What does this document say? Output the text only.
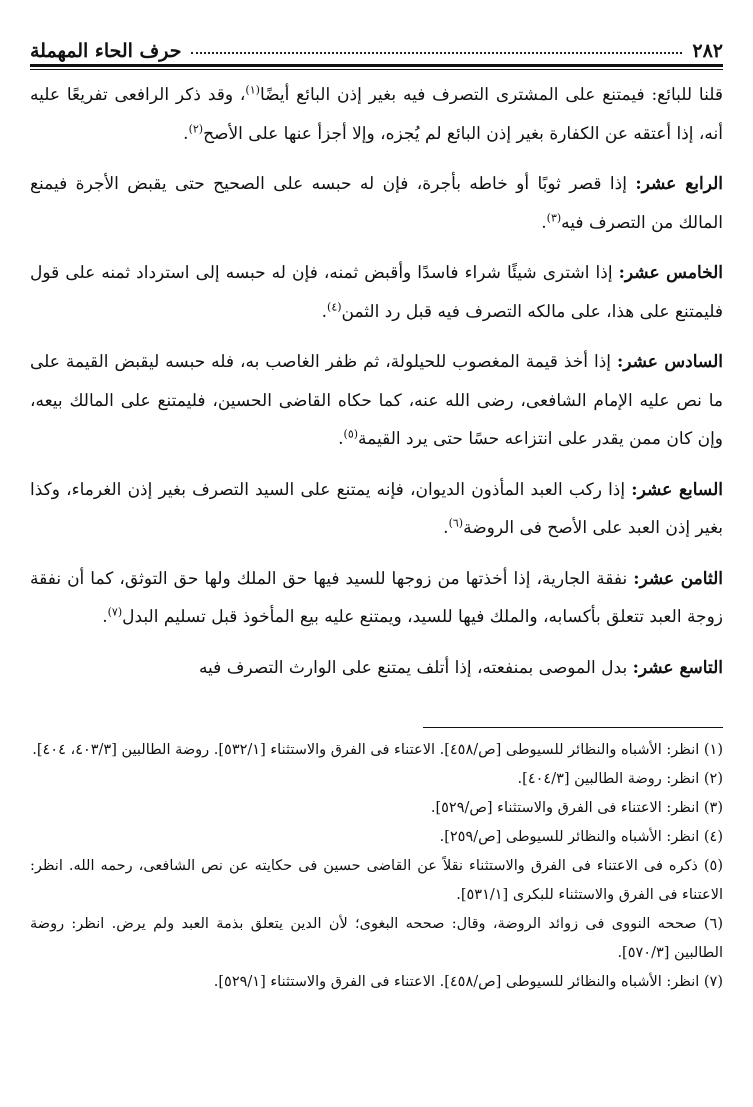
٢٨٢
حرف الحاء المهملة

قلنا للبائع: فيمتنع على المشترى التصرف فيه بغير إذن البائع أيضًا$^{(١)}$، وقد ذكر الرافعى تفريعًا عليه أنه، إذا أعتقه عن الكفارة بغير إذن البائع لم يُجزه، وإلا أجزأ عنها على الأصح$^{(٢)}$.

الرابع عشر: إذا قصر ثوبًا أو خاطه بأجرة، فإن له حبسه على الصحيح حتى يقبض الأجرة فيمنع المالك من التصرف فيه$^{(٣)}$.

الخامس عشر: إذا اشترى شيئًا شراء فاسدًا وأقبض ثمنه، فإن له حبسه إلى استرداد ثمنه على قول فليمتنع على هذا، على مالكه التصرف فيه قبل رد الثمن$^{(٤)}$.

السادس عشر: إذا أخذ قيمة المغصوب للحيلولة، ثم ظفر الغاصب به، فله حبسه ليقبض القيمة على ما نص عليه الإمام الشافعى، رضى الله عنه، كما حكاه القاضى الحسين، فليمتنع على المالك بيعه، وإن كان ممن يقدر على انتزاعه حسًا حتى يرد القيمة$^{(٥)}$.

السابع عشر: إذا ركب العبد المأذون الديوان، فإنه يمتنع على السيد التصرف بغير إذن الغرماء، وكذا بغير إذن العبد على الأصح فى الروضة$^{(٦)}$.

الثامن عشر: نفقة الجارية، إذا أخذتها من زوجها للسيد فيها حق الملك ولها حق التوثق، كما أن نفقة زوجة العبد تتعلق بأكسابه، والملك فيها للسيد، ويمتنع عليه بيع المأخوذ قبل تسليم البدل$^{(٧)}$.

التاسع عشر: بدل الموصى بمنفعته، إذا أتلف يمتنع على الوارث التصرف فيه

(١) انظر: الأشباه والنظائر للسيوطى [ص/٤٥٨]. الاعتناء فى الفرق والاستثناء [٥٣٢/١]. روضة الطالبين [٤٠٣/٣، ٤٠٤].
(٢) انظر: روضة الطالبين [٤٠٤/٣].
(٣) انظر: الاعتناء فى الفرق والاستثناء [ص/٥٢٩].
(٤) انظر: الأشباه والنظائر للسيوطى [ص/٢٥٩].
(٥) ذكره فى الاعتناء فى الفرق والاستثناء نقلاً عن القاضى حسين فى حكايته عن نص الشافعى، رحمه الله. انظر: الاعتناء فى الفرق والاستثناء للبكرى [٥٣١/١].
(٦) صححه النووى فى زوائد الروضة، وقال: صححه البغوى؛ لأن الدين يتعلق بذمة العبد ولم يرض. انظر: روضة الطالبين [٥٧٠/٣].
(٧) انظر: الأشباه والنظائر للسيوطى [ص/٤٥٨]. الاعتناء فى الفرق والاستثناء [٥٢٩/١].
